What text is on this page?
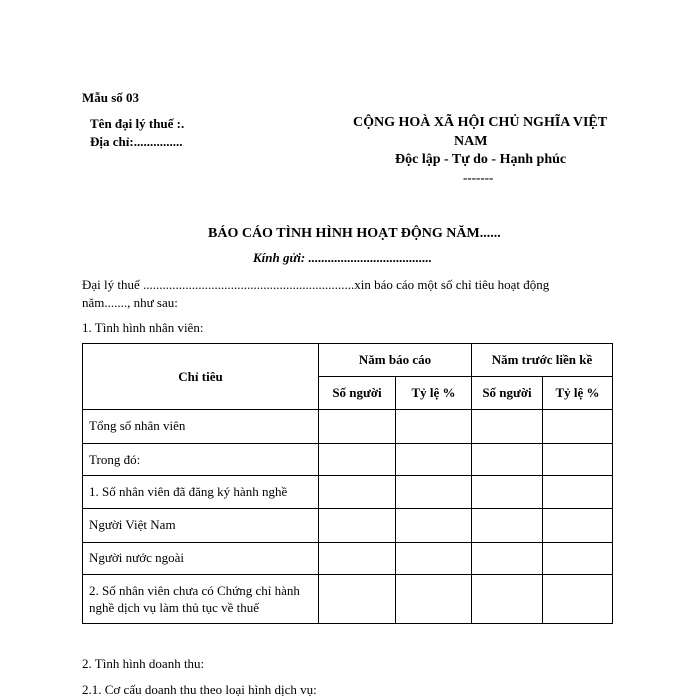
Mẫu số 03
Tên đại lý thuế :.
Địa chỉ:...............
CỘNG HOÀ XÃ HỘI CHỦ NGHĨA VIỆT
NAM
Độc lập - Tự do - Hạnh phúc
-------
BÁO CÁO TÌNH HÌNH HOẠT ĐỘNG NĂM......
Kính gửi: ......................................
Đại lý thuế .................................................................xin báo cáo một số chỉ tiêu hoạt động
năm......., như sau:
1. Tình hình nhân viên:
Chỉ tiêu	Năm báo cáo		Năm trước liền kề	
	Số người	Tỷ lệ %	Số người	Tỷ lệ %
Tổng số nhân viên				
Trong đó:				
1. Số nhân viên đã đăng ký hành nghề				
Người Việt Nam				
Người nước ngoài				
2. Số nhân viên chưa có Chứng chỉ hành
nghề dịch vụ làm thủ tục về thuế				
2. Tình hình doanh thu:
2.1. Cơ cấu doanh thu theo loại hình dịch vụ:
